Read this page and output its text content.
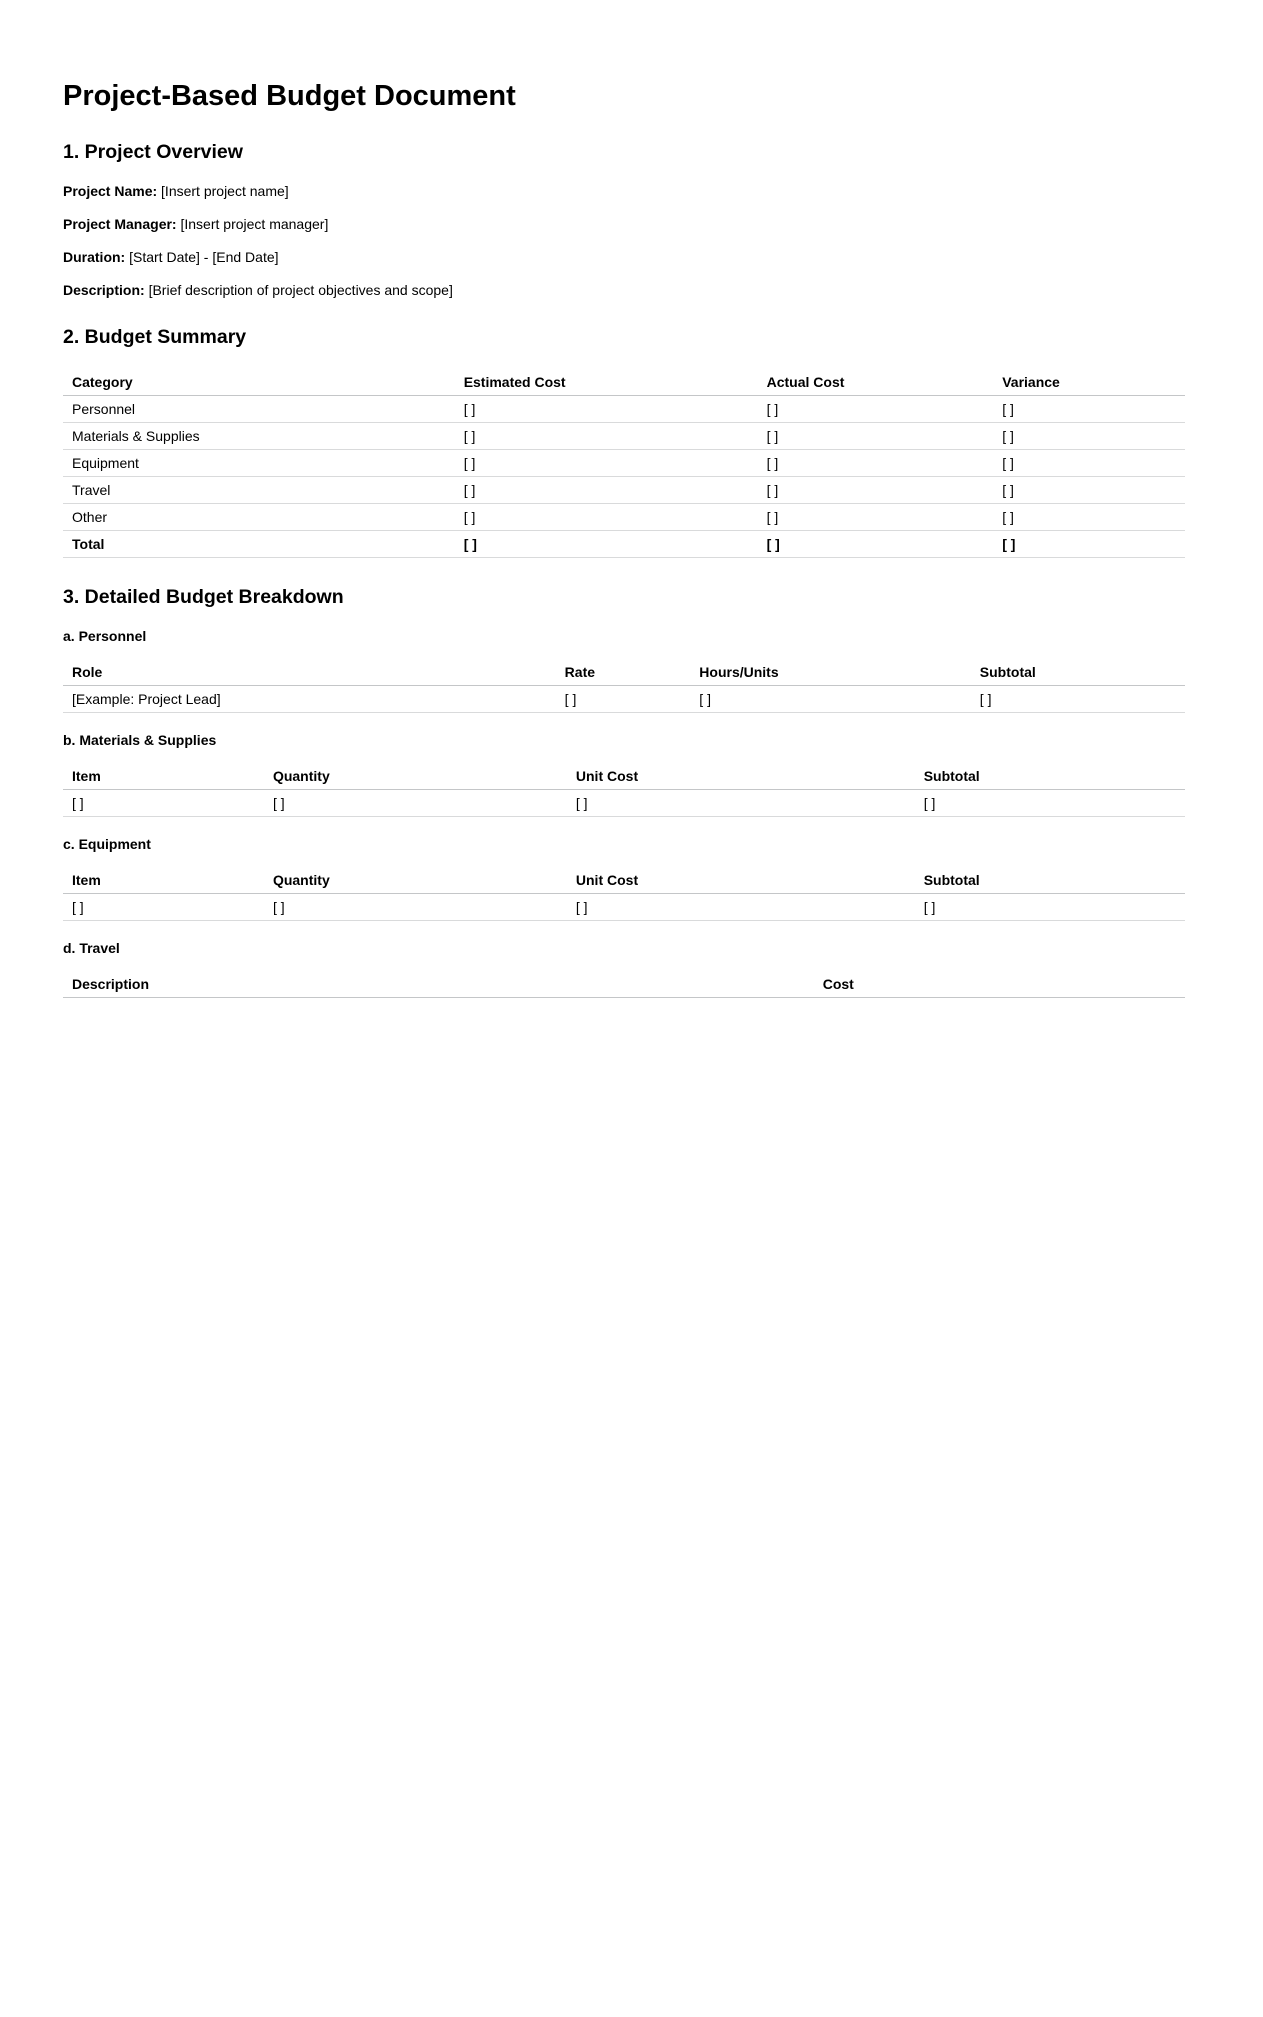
Project-Based Budget Document
1. Project Overview

Project Name: [Insert project name]

Project Manager: [Insert project manager]

Duration: [Start Date] - [End Date]

Description: [Brief description of project objectives and scope]

2. Budget Summary
Category	Estimated Cost	Actual Cost	Variance
Personnel	[ ]	[ ]	[ ]
Materials & Supplies	[ ]	[ ]	[ ]
Equipment	[ ]	[ ]	[ ]
Travel	[ ]	[ ]	[ ]
Other	[ ]	[ ]	[ ]
Total	[ ]	[ ]	[ ]
3. Detailed Budget Breakdown
a. Personnel
Role	Rate	Hours/Units	Subtotal
[Example: Project Lead]	[ ]	[ ]	[ ]
b. Materials & Supplies
Item	Quantity	Unit Cost	Subtotal
[ ]	[ ]	[ ]	[ ]
c. Equipment
Item	Quantity	Unit Cost	Subtotal
[ ]	[ ]	[ ]	[ ]
d. Travel
Description	Cost
